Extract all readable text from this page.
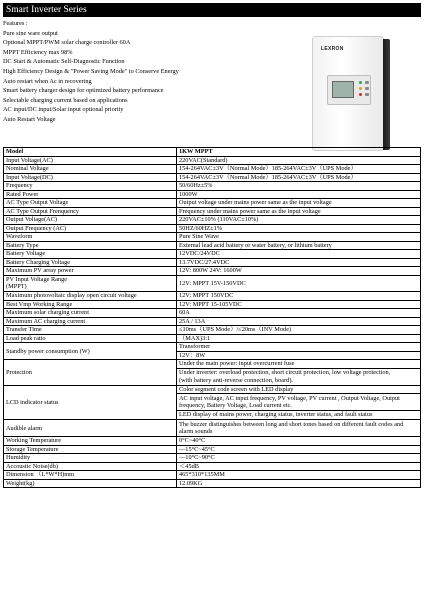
Smart Inverter Series
Features :
Pure sine ware output
Optional MPPT/PWM solar charge controller 60A
MPPT Efficiency max 98%
DC Start & Automatic Self-Diagnostic Function
High Efficiency Design & "Power Saving Mode" to Conserve Energy
Auto restart when Ac in recovering
Smart battery charger design for optimized battery performance
Selectable charging current based on applications
AC input/DC input/Solar input optional priority
Auto Restart Voltage
LEXRON
Model	1KW MPPT
Input Voltage(AC)	220VAC(Standard)
Nominal Voltage	154-264VAC±3V（Normal Mode）185-264VAC±3V（UPS Mode）
Input Voltage(DC)	154-264VAC±3V（Normal Mode）185-264VAC±3V（UPS Mode）
Frequency	50/60Hz±5%
Rated Power	1000W
AC Type Output Voltage	Output voltage under mains power same as the input voltage
AC Type Output Frenquency	Frequency under mains power same as the input voltage
Output Voltage(AC)	220VAC±10% (110VAC±10%)
Output Frequency (AC)	50HZ/60HZ±1%
Waveform	Pure Sine Wave
Battery Type	External lead acid battery or water battery, or lithium battery
Battery Voltage	12VDC/24VDC
Battery Charging Voltage	13.7VDC/27.4VDC
Maximum PV array power	12V: 800W 24V: 1600W
PV Input Voltage Range
(MPPT)	12V: MPPT 15V-150VDC
Maximum photovoltaic display open circuit voltage	12V: MPPT 150VDC
Best Vmp Working Range	12V: MPPT 15-105VDC
Maximum solar charging current	60A
Maximum AC charging current	25A / 13A
Transfer Time	≤10ms（UPS Mode）/≤20ms（INV Mode)
Load peak ratio	（MAX)3:1
Standby power consumption (W)	Transformer
	12V：8W
Protection	Under the main power: input overcurrent fuse
	Under inverter: overload protection, short circuit protection, low voltage protection,
(with battery anti-reverse connection, board).
LCD indicator status	Color segment code screen with LED display
	AC input voltage, AC input frequency, PV voltage, PV current , Output Voltage, Output frequency, Battery Voltage, Load current etc.
	LED display of mains power, charging status, inverter status, and fault status
Audible alarm	The buzzer distinguishes between long and short tones based on different fault codes and alarm sounds
Working Temperature	0°C~40°C
Storage Temperature	—15°C~45°C
Humidity	—10°C~90°C
Accoustic Noise(db)	＜45dB
Dimension （L*W*H)mm	465*310*135MM
Weight(kg)	12.09KG
